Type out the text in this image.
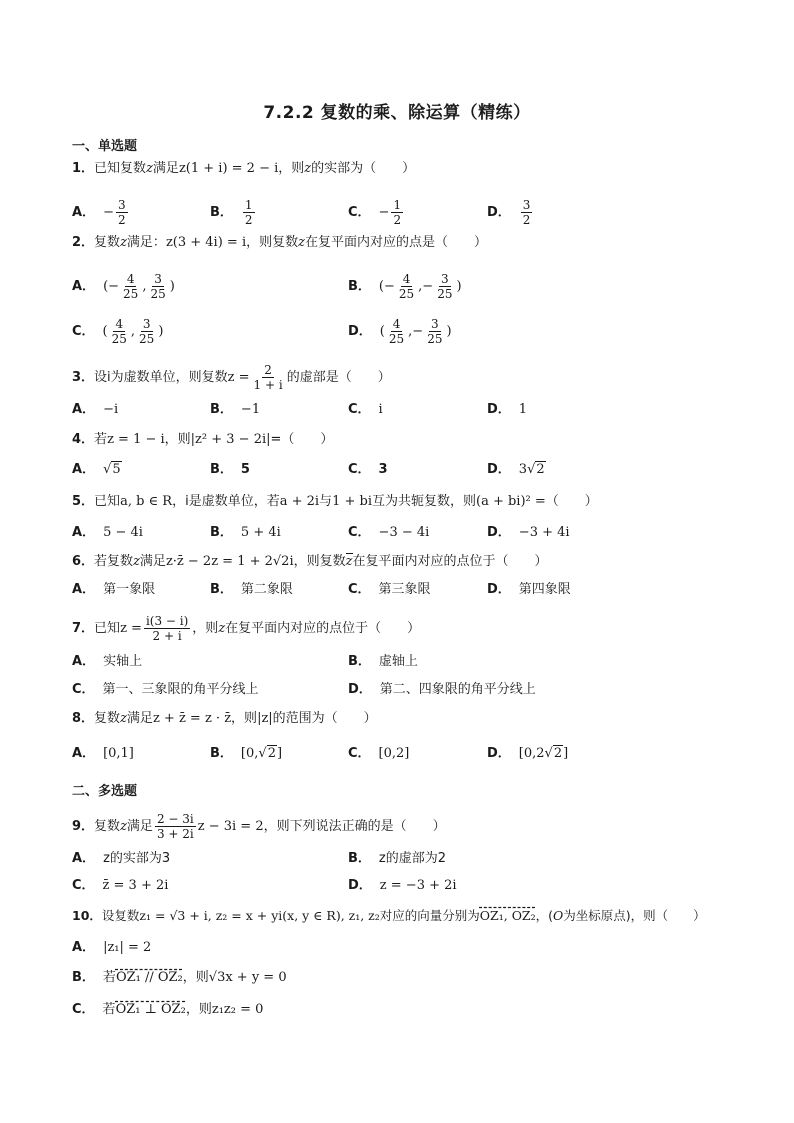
7.2.2 复数的乘、除运算（精练）
一、单选题
1．已知复数z满足z(1 + i) = 2 − i，则z的实部为（　　）
A． − $\frac{3}{2}$	B． $\frac{1}{2}$	C． − $\frac{1}{2}$	D． $\frac{3}{2}$
2．复数z满足：z(3 + 4i) = i，则复数z在复平面内对应的点是（　　）
A． (− $\frac{4}{25}$ , $\frac{3}{25}$ )	B． (− $\frac{4}{25}$ ,− $\frac{3}{25}$ )
C． ( $\frac{4}{25}$ , $\frac{3}{25}$ )	D． ( $\frac{4}{25}$ ,− $\frac{3}{25}$ )
3．设i为虚数单位，则复数$z = \frac{2}{1 + i}$ 的虚部是（　　）
A． −i	B． −1	C． i	D． 1
4．若z = 1 − i，则|z² + 3 − 2i|=（　　）
A． √5	B． 5	C． 3	D． 3√2
5．已知a, b ∈ R，i是虚数单位，若a + 2i与1 + bi互为共轭复数，则(a + bi)² =（　　）
A． 5 − 4i	B． 5 + 4i	C． −3 − 4i	D． −3 + 4i
6．若复数z满足z·z̄ − 2z = 1 + 2√2i，则复数z在复平面内对应的点位于（　　）
A． 第一象限	B． 第二象限	C． 第三象限	D． 第四象限
7．已知$z = \frac{i(3 - i)}{2 + i}$ ，则z在复平面内对应的点位于（　　）
A． 实轴上	B． 虚轴上
C． 第一、三象限的角平分线上	D． 第二、四象限的角平分线上
8．复数z满足z + z̄ = z · z̄，则|z|的范围为（　　）
A． [0,1]	B． [0,√2]	C． [0,2]	D． [0,2√2]
二、多选题
9．复数z满足 $\frac{2 - 3i}{3 + 2i}$ z − 3i = 2，则下列说法正确的是（　　）
A． z的实部为3	B． z的虚部为2
C． z̄ = 3 + 2i	D． z = −3 + 2i
10．设复数z₁ = √3 + i, z₂ = x + yi(x, y ∈ R), z₁, z₂对应的向量分别为OZ₁, OZ₂，(O为坐标原点)，则（　　）
A． |z₁| = 2
B． 若OZ₁ // OZ₂，则√3x + y = 0
C． 若OZ₁ ⊥ OZ₂，则z₁z₂ = 0
